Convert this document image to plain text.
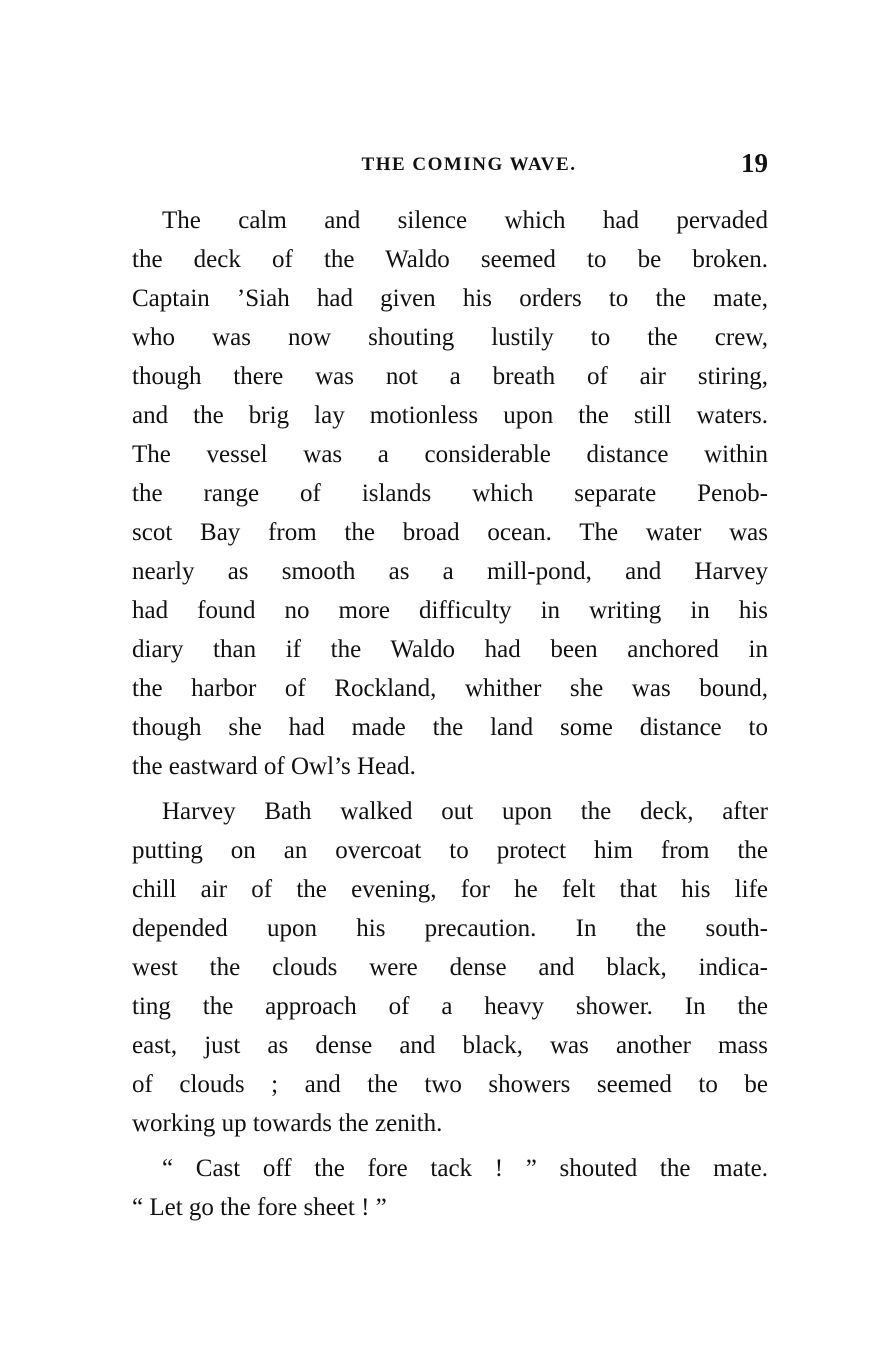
THE COMING WAVE.	19

The calm and silence which had pervaded
the deck of the Waldo seemed to be broken.
Captain ’Siah had given his orders to the mate,
who was now shouting lustily to the crew,
though there was not a breath of air stiring,
and the brig lay motionless upon the still waters.
The vessel was a considerable distance within
the range of islands which separate Penob-
scot Bay from the broad ocean. The water was
nearly as smooth as a mill-pond, and Harvey
had found no more difficulty in writing in his
diary than if the Waldo had been anchored in
the harbor of Rockland, whither she was bound,
though she had made the land some distance to
the eastward of Owl’s Head.

Harvey Bath walked out upon the deck, after
putting on an overcoat to protect him from the
chill air of the evening, for he felt that his life
depended upon his precaution. In the south-
west the clouds were dense and black, indica-
ting the approach of a heavy shower. In the
east, just as dense and black, was another mass
of clouds ; and the two showers seemed to be
working up towards the zenith.

“ Cast off the fore tack ! ” shouted the mate.
“ Let go the fore sheet ! ”
